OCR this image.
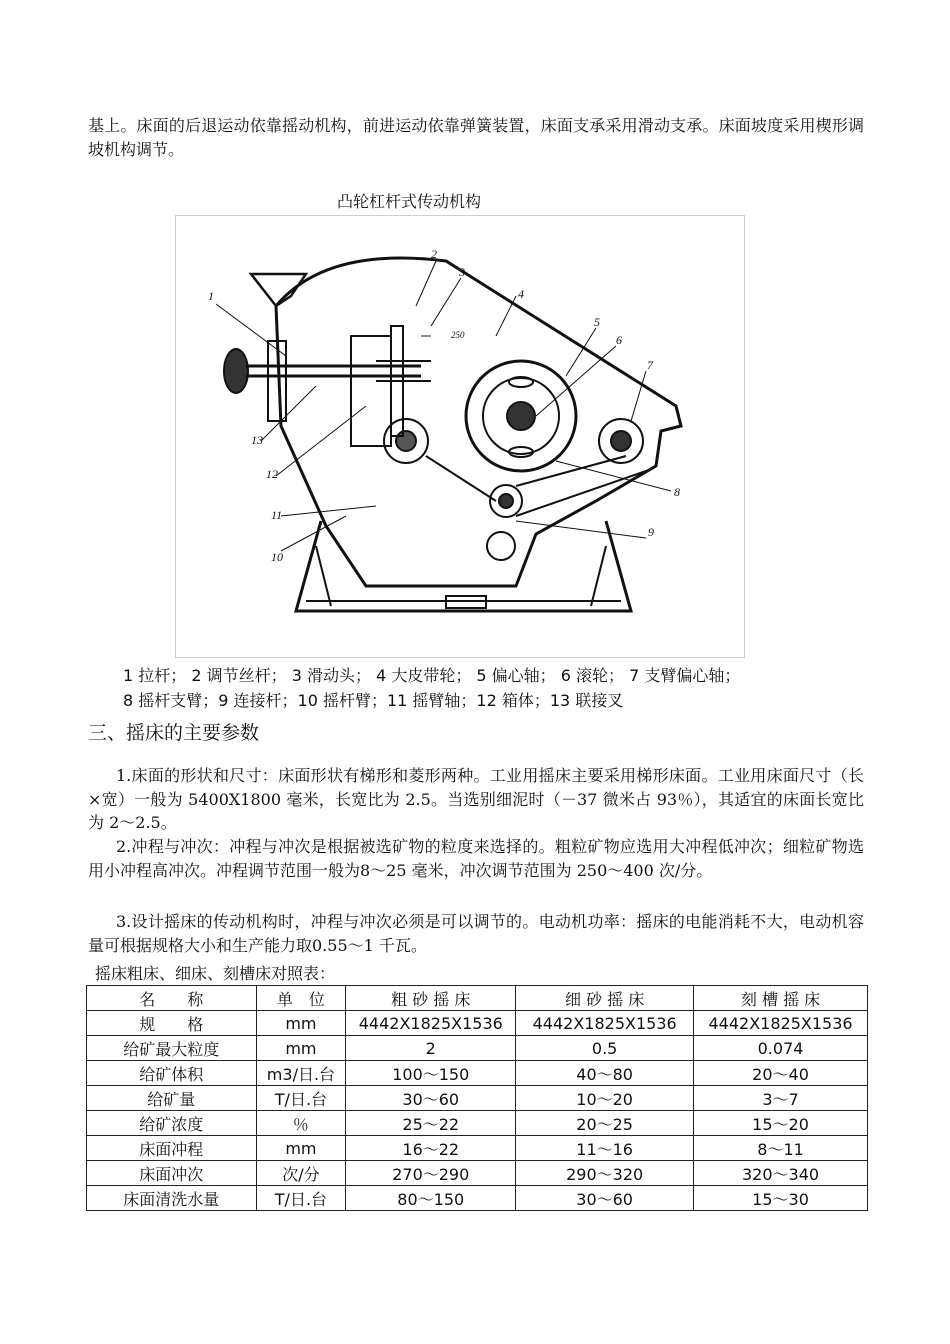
基上。床面的后退运动依靠摇动机构，前进运动依靠弹簧装置，床面支承采用滑动支承。床面坡度采用楔形调坡机构调节。

凸轮杠杆式传动机构

1
2
3
4
5
6
7
8
9
10
11
12
13
250

1 拉杆； 2 调节丝杆； 3 滑动头； 4 大皮带轮； 5 偏心轴； 6 滚轮； 7 支臂偏心轴；

8 摇杆支臂；9 连接杆；10 摇杆臂；11 摇臂轴；12 箱体；13 联接叉

三、摇床的主要参数

1.床面的形状和尺寸：床面形状有梯形和菱形两种。工业用摇床主要采用梯形床面。工业用床面尺寸（长×宽）一般为 5400X1800 毫米，长宽比为 2.5。当选别细泥时（－37 微米占 93％），其适宜的床面长宽比为 2～2.5。

2.冲程与冲次：冲程与冲次是根据被选矿物的粒度来选择的。粗粒矿物应选用大冲程低冲次；细粒矿物选用小冲程高冲次。冲程调节范围一般为8～25 毫米，冲次调节范围为 250～400 次/分。

3.设计摇床的传动机构时，冲程与冲次必须是可以调节的。电动机功率：摇床的电能消耗不大，电动机容量可根据规格大小和生产能力取0.55～1 千瓦。

摇床粗床、细床、刻槽床对照表：

名　　称	单　位	粗 砂 摇 床	细 砂 摇 床	刻 槽 摇 床
规　　格	mm	4442X1825X1536	4442X1825X1536	4442X1825X1536
给矿最大粒度	mm	2	0.5	0.074
给矿体积	m3/日.台	100～150	40～80	20～40
给矿量	T/日.台	30～60	10～20	3～7
给矿浓度	％	25～22	20～25	15～20
床面冲程	mm	16～22	11～16	8～11
床面冲次	次/分	270～290	290～320	320～340
床面清洗水量	T/日.台	80～150	30～60	15～30
